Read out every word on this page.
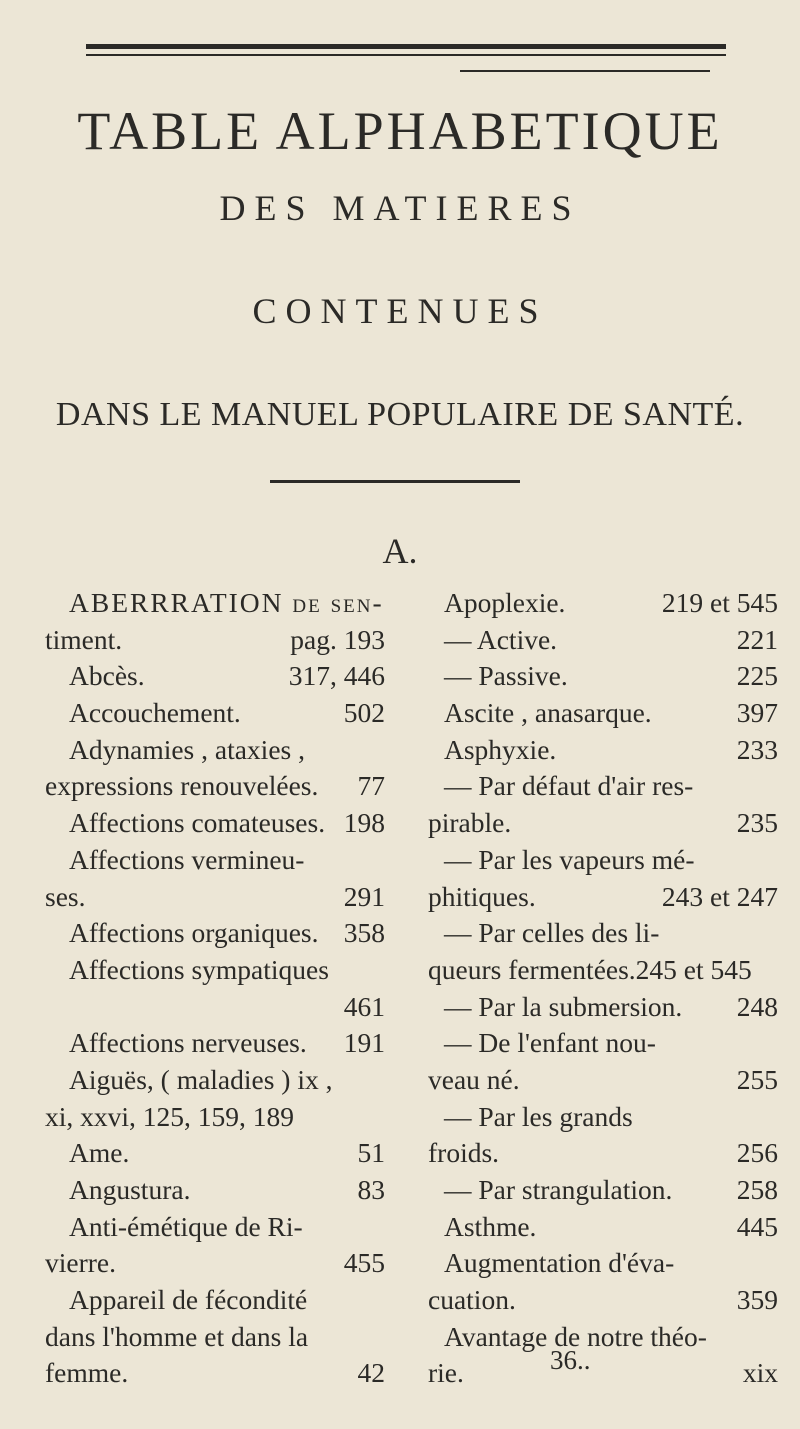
TABLE ALPHABETIQUE
DES MATIERES
CONTENUES
DANS LE MANUEL POPULAIRE DE SANTÉ.
A.
ABERRRATION de sen-
timent.	pag. 193
Abcès.	317, 446
Accouchement.	502
Adynamies , ataxies ,
expressions renouvelées. 77
Affections comateuses. 198
Affections vermineu-
ses.	291
Affections organiques. 358
Affections sympatiques
461
Affections nerveuses. 191
Aiguës, ( maladies ) ix ,
xi, xxvi, 125, 159, 189
Ame.	51
Angustura.	83
Anti-émétique de Ri-
vierre.	455
Appareil de fécondité
dans l'homme et dans la
femme.	42
Apoplexie.	219 et 545
— Active.	221
— Passive.	225
Ascite , anasarque.	397
Asphyxie.	233
— Par défaut d'air res-
pirable.	235
— Par les vapeurs mé-
phitiques.	243 et 247
— Par celles des li-
queurs fermentées.245 et 545
— Par la submersion. 248
— De l'enfant nou-
veau né.	255
— Par les grands
froids.	256
— Par strangulation. 258
Asthme.	445
Augmentation d'éva-
cuation.	359
Avantage de notre théo-
rie.	xix
36..
